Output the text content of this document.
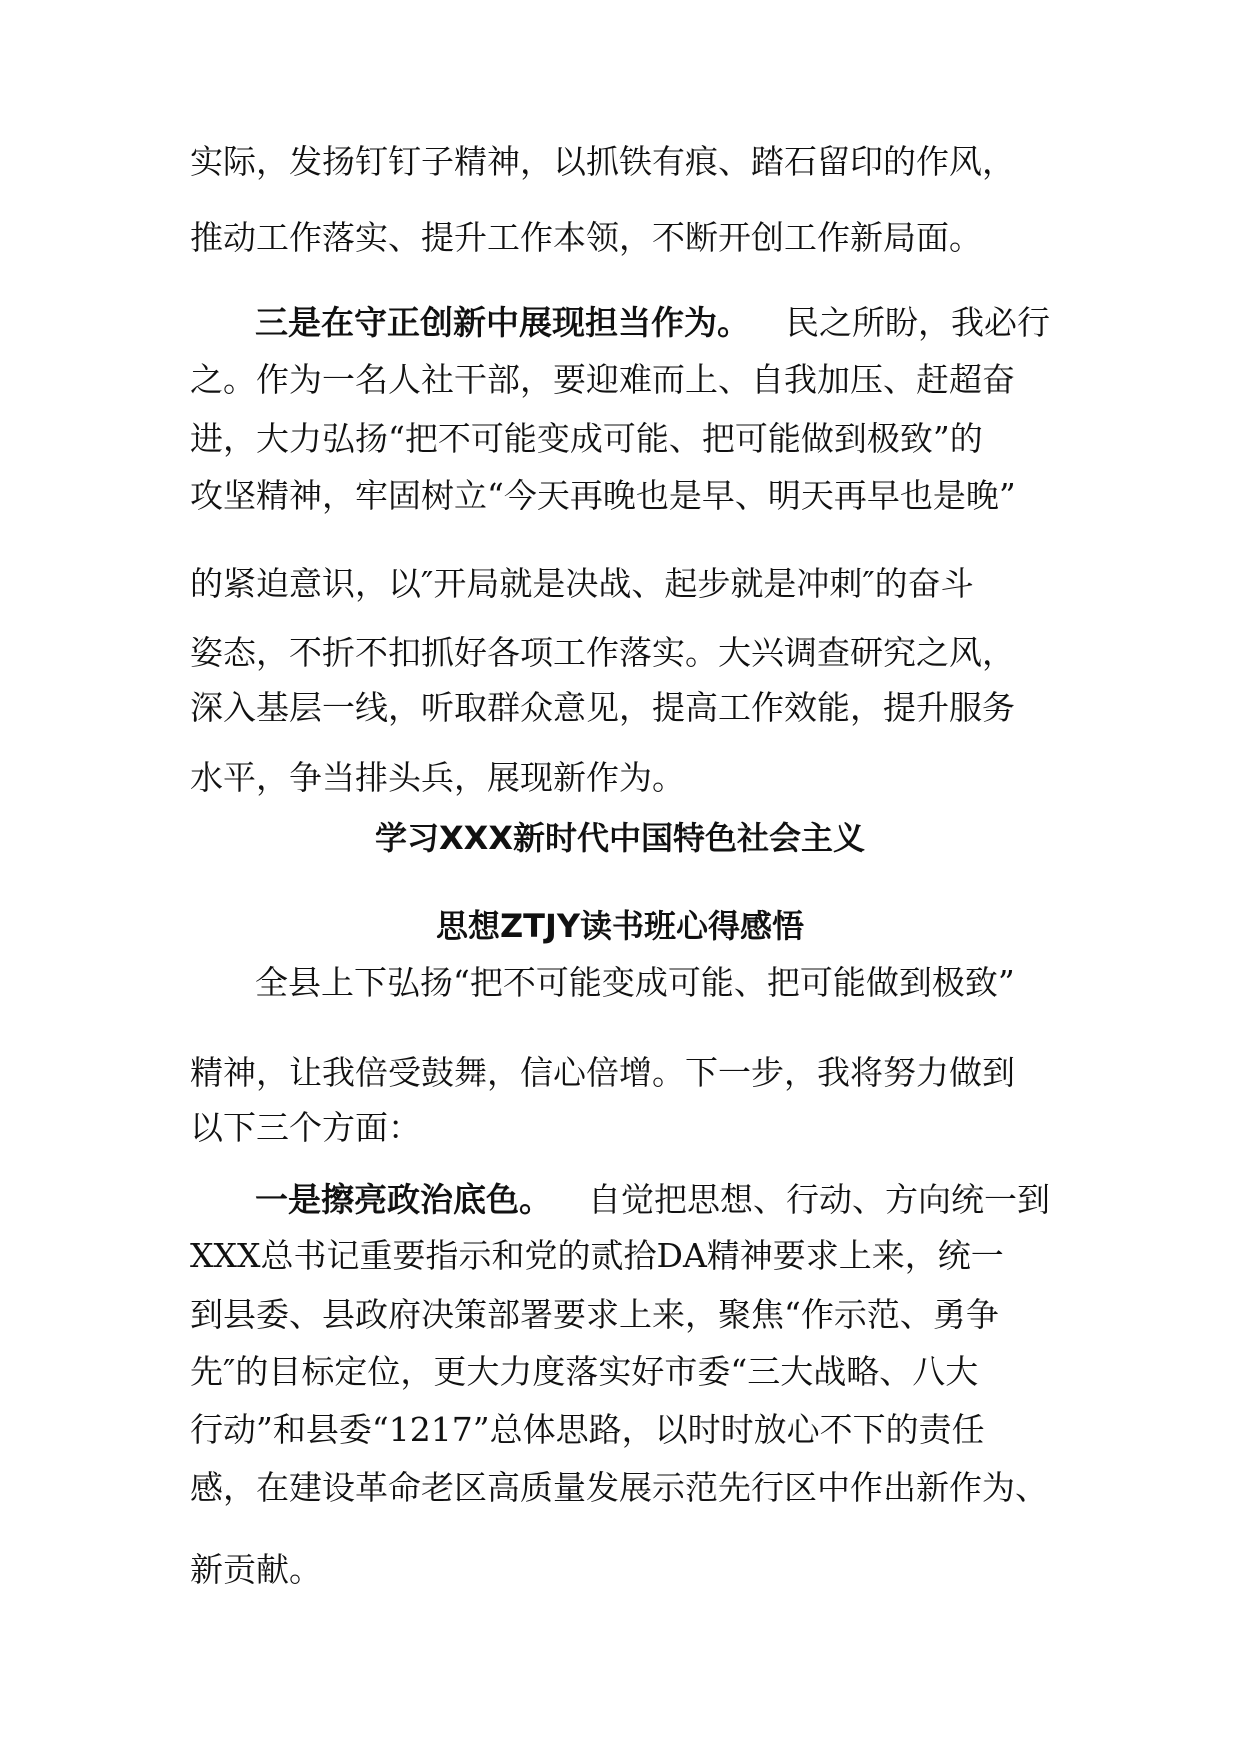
实际，发扬钉钉子精神，以抓铁有痕、踏石留印的作风，
推动工作落实、提升工作本领，不断开创工作新局面。
三是在守正创新中展现担当作为。 民之所盼，我必行
之。作为一名人社干部，要迎难而上、自我加压、赶超奋
进，大力弘扬“把不可能变成可能、把可能做到极致”的
攻坚精神，牢固树立“今天再晚也是早、明天再早也是晚”
的紧迫意识，以″开局就是决战、起步就是冲刺″的奋斗
姿态，不折不扣抓好各项工作落实。大兴调查研究之风，
深入基层一线，听取群众意见，提高工作效能，提升服务
水平，争当排头兵，展现新作为。
学习XXX新时代中国特色社会主义
思想ZTJY读书班心得感悟
全县上下弘扬“把不可能变成可能、把可能做到极致”
精神，让我倍受鼓舞，信心倍增。下一步，我将努力做到
以下三个方面：
一是擦亮政治底色。 自觉把思想、行动、方向统一到
XXX总书记重要指示和党的贰拾DA精神要求上来，统一
到县委、县政府决策部署要求上来，聚焦“作示范、勇争
先″的目标定位，更大力度落实好市委“三大战略、八大
行动”和县委“1217”总体思路，以时时放心不下的责任
感，在建设革命老区高质量发展示范先行区中作出新作为、
新贡献。
